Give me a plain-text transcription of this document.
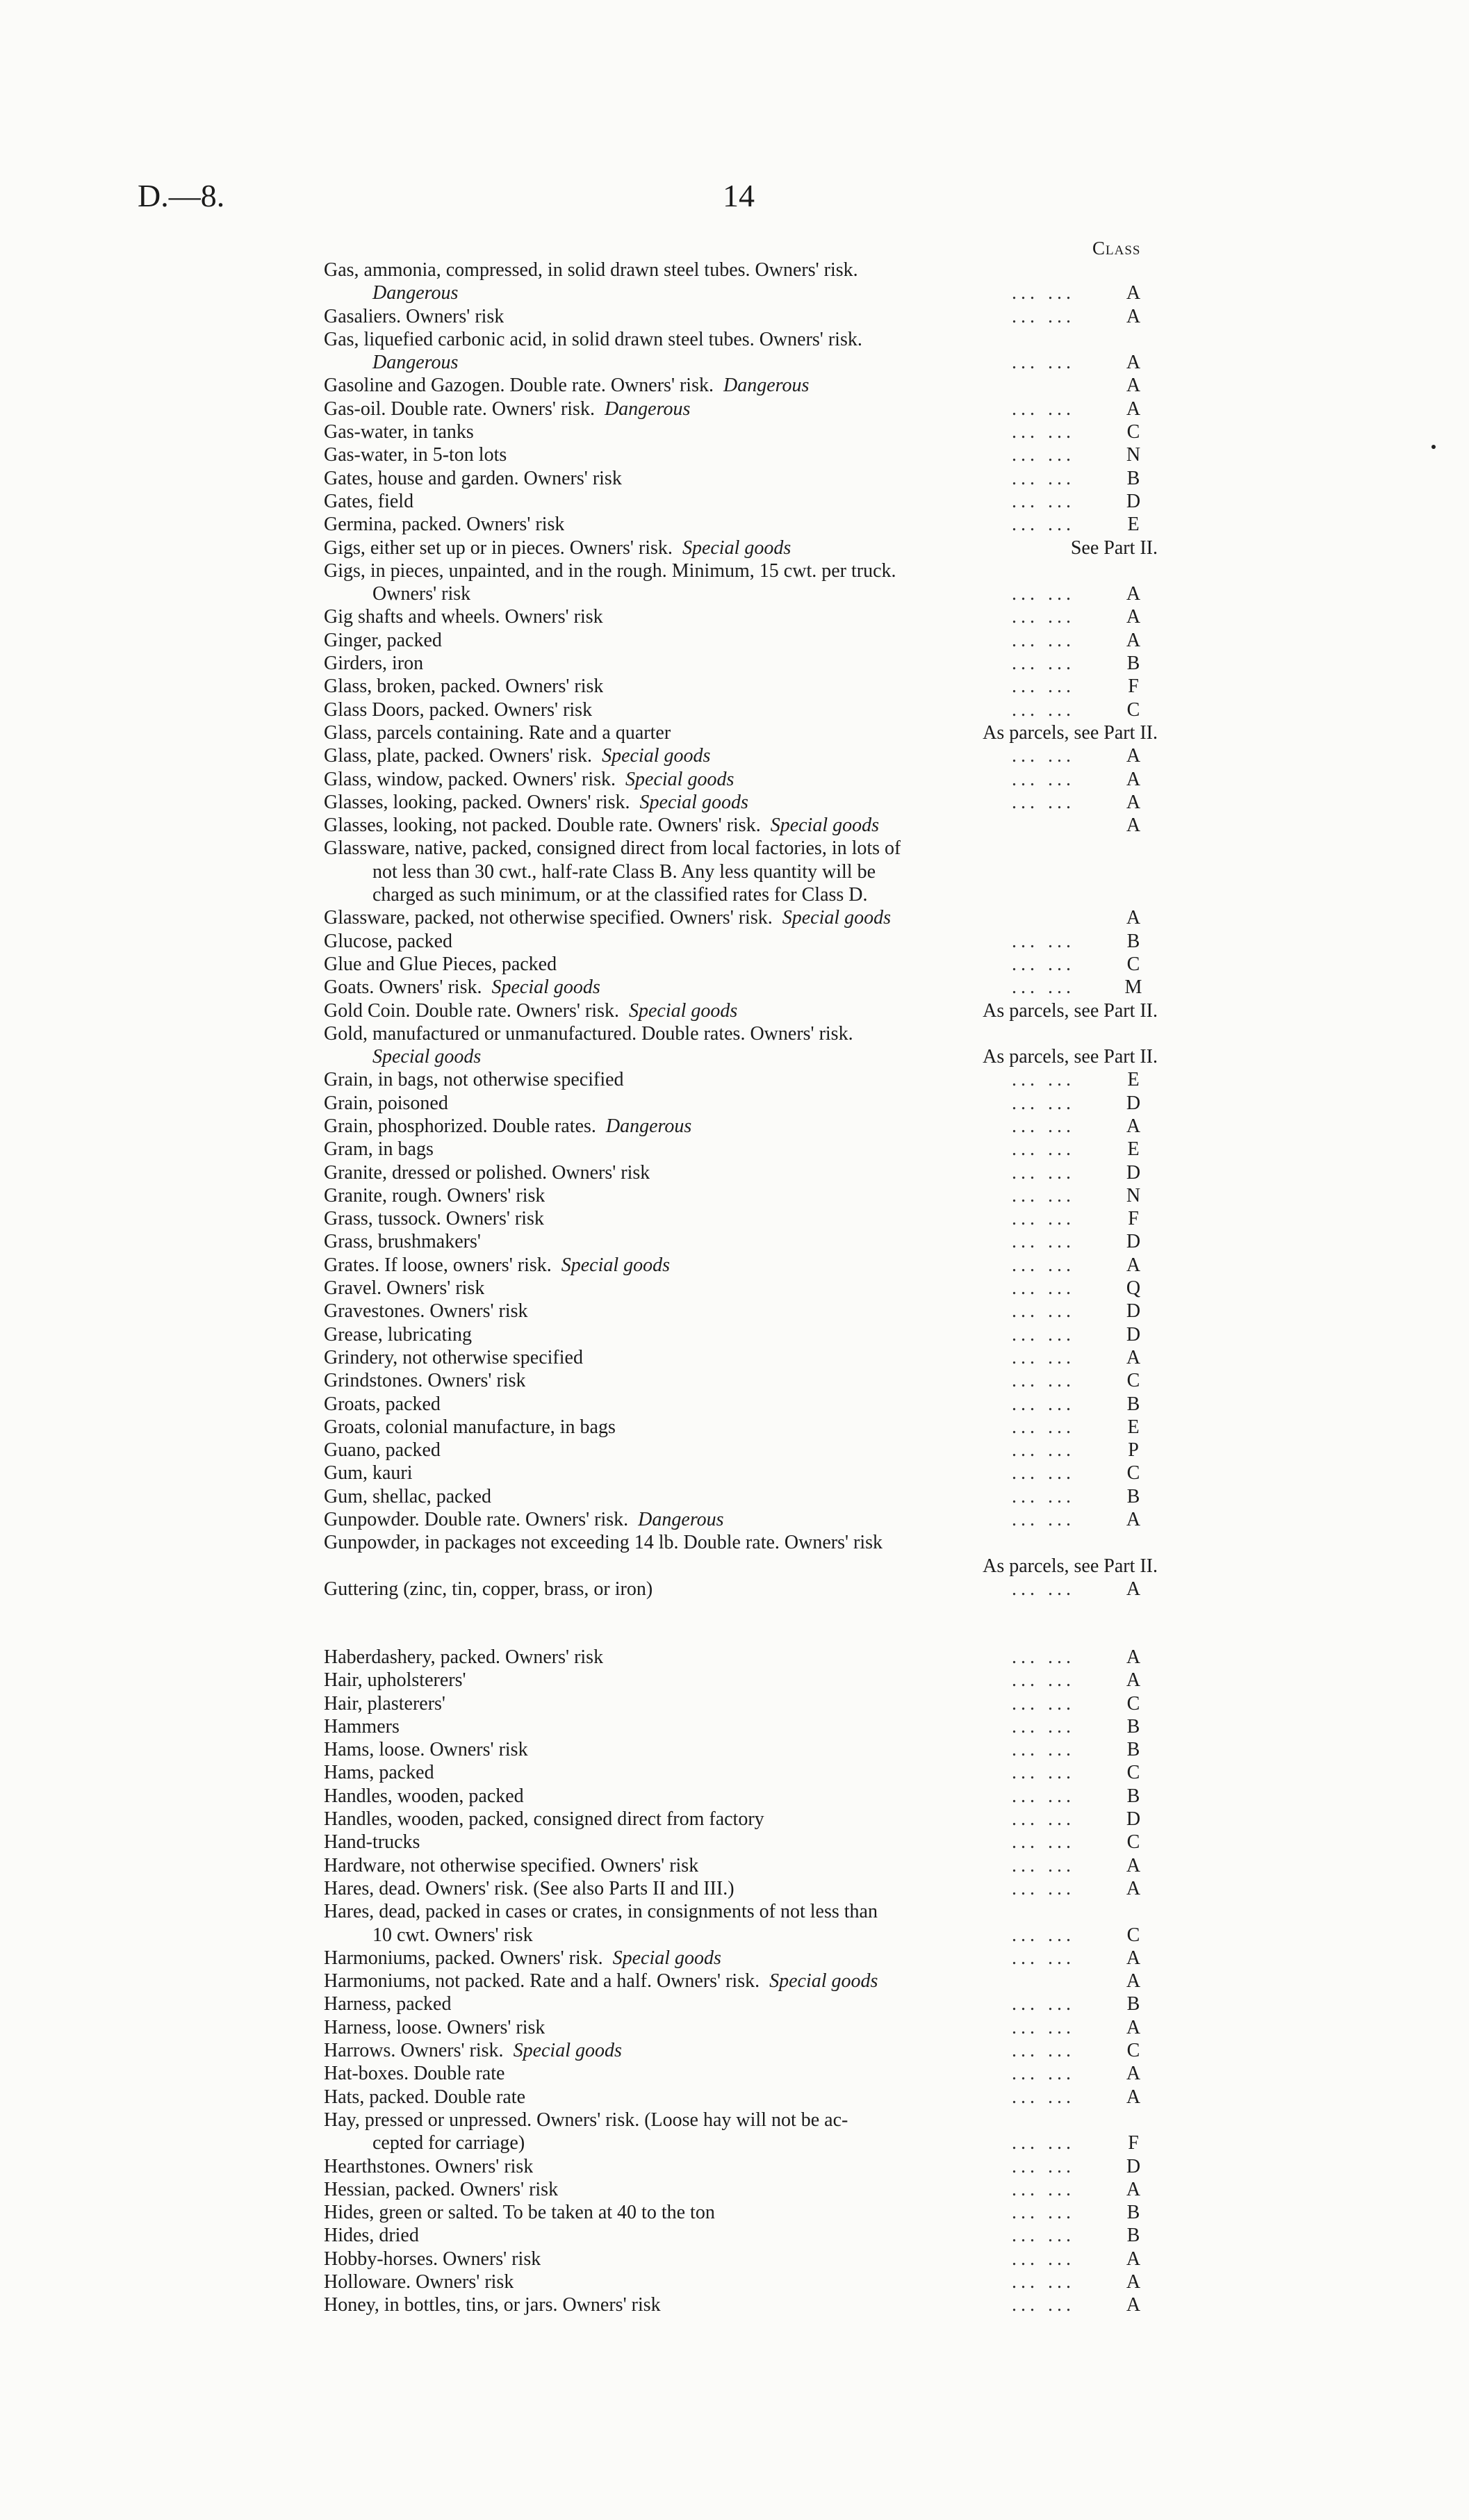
D.—8.	14
Class
Gas, ammonia, compressed, in solid drawn steel tubes. Owners' risk.
Dangerous	... ...	A
Gasaliers. Owners' risk	... ...	A
Gas, liquefied carbonic acid, in solid drawn steel tubes. Owners' risk.
Dangerous	... ...	A
Gasoline and Gazogen. Double rate. Owners' risk. Dangerous	A
Gas-oil. Double rate. Owners' risk. Dangerous	... ...	A
Gas-water, in tanks	... ...	C
Gas-water, in 5-ton lots	... ...	N
Gates, house and garden. Owners' risk	... ...	B
Gates, field	... ...	D
Germina, packed. Owners' risk	... ...	E
Gigs, either set up or in pieces. Owners' risk. Special goods	See Part II.
Gigs, in pieces, unpainted, and in the rough. Minimum, 15 cwt. per truck.
Owners' risk	... ...	A
Gig shafts and wheels. Owners' risk	... ...	A
Ginger, packed	... ...	A
Girders, iron	... ...	B
Glass, broken, packed. Owners' risk	... ...	F
Glass Doors, packed. Owners' risk	... ...	C
Glass, parcels containing. Rate and a quarter	As parcels, see Part II.
Glass, plate, packed. Owners' risk. Special goods	... ...	A
Glass, window, packed. Owners' risk. Special goods	... ...	A
Glasses, looking, packed. Owners' risk. Special goods	... ...	A
Glasses, looking, not packed. Double rate. Owners' risk. Special goods	A
Glassware, native, packed, consigned direct from local factories, in lots of
not less than 30 cwt., half-rate Class B. Any less quantity will be
charged as such minimum, or at the classified rates for Class D.
Glassware, packed, not otherwise specified. Owners' risk. Special goods	A
Glucose, packed	... ...	B
Glue and Glue Pieces, packed	... ...	C
Goats. Owners' risk. Special goods	... ...	M
Gold Coin. Double rate. Owners' risk. Special goods	As parcels, see Part II.
Gold, manufactured or unmanufactured. Double rates. Owners' risk.
Special goods	As parcels, see Part II.
Grain, in bags, not otherwise specified	... ...	E
Grain, poisoned	... ...	D
Grain, phosphorized. Double rates. Dangerous	... ...	A
Gram, in bags	... ...	E
Granite, dressed or polished. Owners' risk	... ...	D
Granite, rough. Owners' risk	... ...	N
Grass, tussock. Owners' risk	... ...	F
Grass, brushmakers'	... ...	D
Grates. If loose, owners' risk. Special goods	... ...	A
Gravel. Owners' risk	... ...	Q
Gravestones. Owners' risk	... ...	D
Grease, lubricating	... ...	D
Grindery, not otherwise specified	... ...	A
Grindstones. Owners' risk	... ...	C
Groats, packed	... ...	B
Groats, colonial manufacture, in bags	... ...	E
Guano, packed	... ...	P
Gum, kauri	... ...	C
Gum, shellac, packed	... ...	B
Gunpowder. Double rate. Owners' risk. Dangerous	... ...	A
Gunpowder, in packages not exceeding 14 lb. Double rate. Owners' risk
As parcels, see Part II.
Guttering (zinc, tin, copper, brass, or iron)	... ...	A
Haberdashery, packed. Owners' risk	... ...	A
Hair, upholsterers'	... ...	A
Hair, plasterers'	... ...	C
Hammers	... ...	B
Hams, loose. Owners' risk	... ...	B
Hams, packed	... ...	C
Handles, wooden, packed	... ...	B
Handles, wooden, packed, consigned direct from factory	... ...	D
Hand-trucks	... ...	C
Hardware, not otherwise specified. Owners' risk	... ...	A
Hares, dead. Owners' risk. (See also Parts II and III.)	... ...	A
Hares, dead, packed in cases or crates, in consignments of not less than
10 cwt. Owners' risk	... ...	C
Harmoniums, packed. Owners' risk. Special goods	... ...	A
Harmoniums, not packed. Rate and a half. Owners' risk. Special goods	A
Harness, packed	... ...	B
Harness, loose. Owners' risk	... ...	A
Harrows. Owners' risk. Special goods	... ...	C
Hat-boxes. Double rate	... ...	A
Hats, packed. Double rate	... ...	A
Hay, pressed or unpressed. Owners' risk. (Loose hay will not be ac-
cepted for carriage)	... ...	F
Hearthstones. Owners' risk	... ...	D
Hessian, packed. Owners' risk	... ...	A
Hides, green or salted. To be taken at 40 to the ton	... ...	B
Hides, dried	... ...	B
Hobby-horses. Owners' risk	... ...	A
Holloware. Owners' risk	... ...	A
Honey, in bottles, tins, or jars. Owners' risk	... ...	A
